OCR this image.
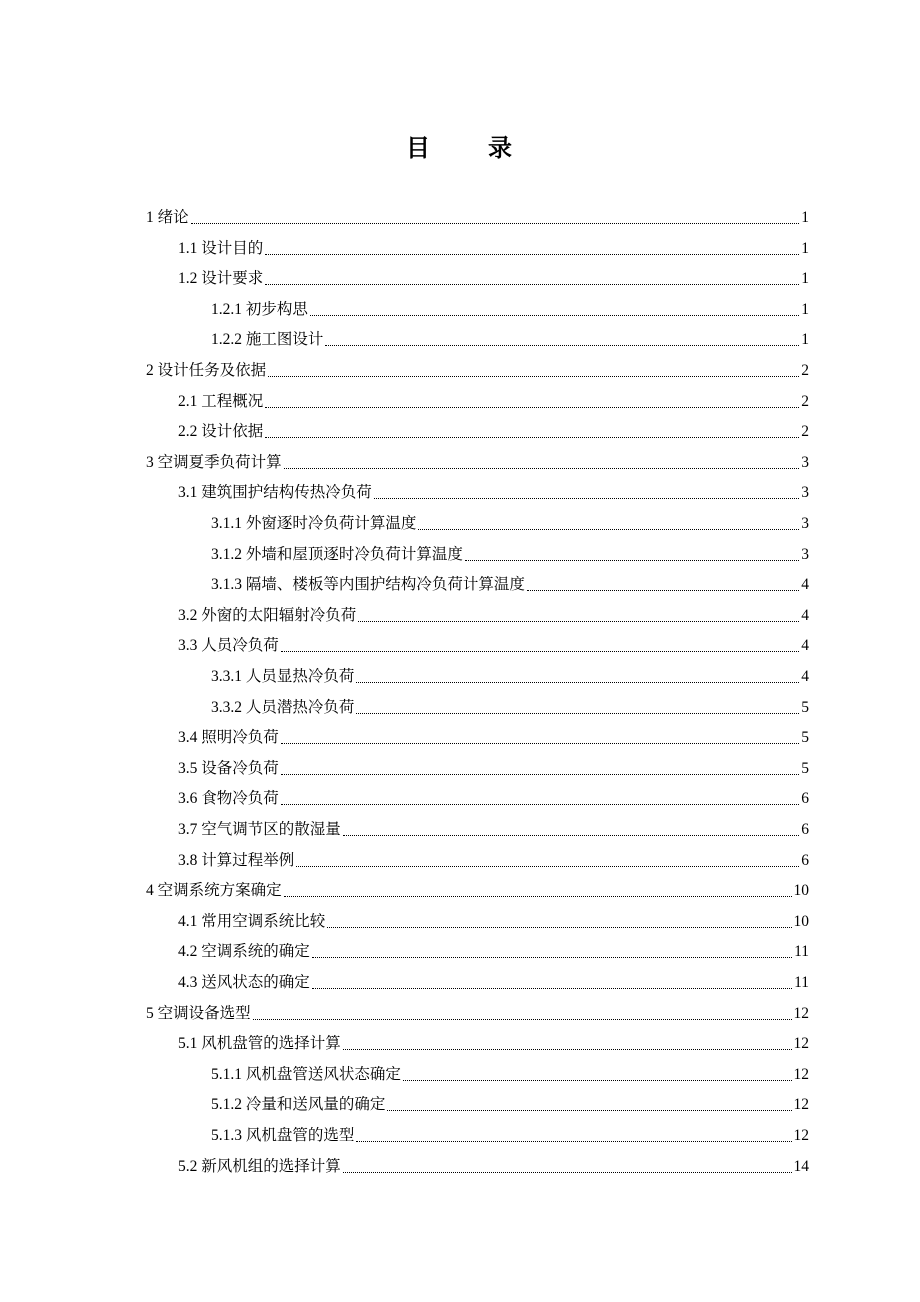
目 录
1 绪论	1
1.1 设计目的	1
1.2 设计要求	1
1.2.1 初步构思	1
1.2.2 施工图设计	1
2 设计任务及依据	2
2.1 工程概况	2
2.2 设计依据	2
3 空调夏季负荷计算	3
3.1 建筑围护结构传热冷负荷	3
3.1.1 外窗逐时冷负荷计算温度	3
3.1.2 外墙和屋顶逐时冷负荷计算温度	3
3.1.3 隔墙、楼板等内围护结构冷负荷计算温度	4
3.2 外窗的太阳辐射冷负荷	4
3.3 人员冷负荷	4
3.3.1 人员显热冷负荷	4
3.3.2 人员潜热冷负荷	5
3.4 照明冷负荷	5
3.5 设备冷负荷	5
3.6 食物冷负荷	6
3.7 空气调节区的散湿量	6
3.8 计算过程举例	6
4 空调系统方案确定	10
4.1 常用空调系统比较	10
4.2 空调系统的确定	11
4.3 送风状态的确定	11
5 空调设备选型	12
5.1 风机盘管的选择计算	12
5.1.1 风机盘管送风状态确定	12
5.1.2 冷量和送风量的确定	12
5.1.3 风机盘管的选型	12
5.2 新风机组的选择计算	14
